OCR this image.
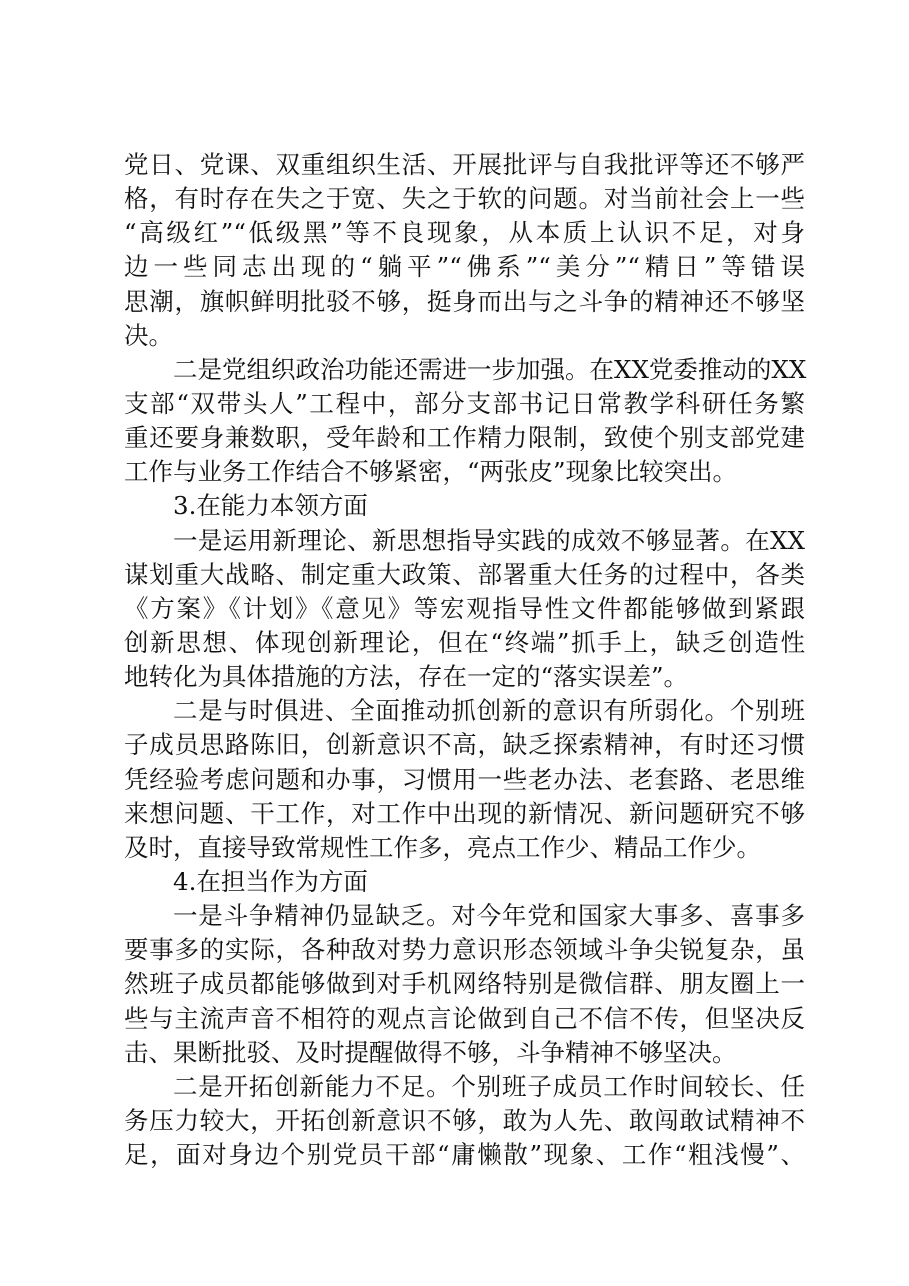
党日、党课、双重组织生活、开展批评与自我批评等还不够严
格，有时存在失之于宽、失之于软的问题。对当前社会上一些
“高级红”“低级黑”等不良现象，从本质上认识不足，对身
边一些同志出现的“躺平”“佛系”“美分”“精日”等错误
思潮，旗帜鲜明批驳不够，挺身而出与之斗争的精神还不够坚
决。
二是党组织政治功能还需进一步加强。在XX党委推动的XX
支部“双带头人”工程中，部分支部书记日常教学科研任务繁
重还要身兼数职，受年龄和工作精力限制，致使个别支部党建
工作与业务工作结合不够紧密，“两张皮”现象比较突出。
3.在能力本领方面
一是运用新理论、新思想指导实践的成效不够显著。在XX
谋划重大战略、制定重大政策、部署重大任务的过程中，各类
《方案》《计划》《意见》等宏观指导性文件都能够做到紧跟
创新思想、体现创新理论，但在“终端”抓手上，缺乏创造性
地转化为具体措施的方法，存在一定的“落实误差”。
二是与时俱进、全面推动抓创新的意识有所弱化。个别班
子成员思路陈旧，创新意识不高，缺乏探索精神，有时还习惯
凭经验考虑问题和办事，习惯用一些老办法、老套路、老思维
来想问题、干工作，对工作中出现的新情况、新问题研究不够
及时，直接导致常规性工作多，亮点工作少、精品工作少。
4.在担当作为方面
一是斗争精神仍显缺乏。对今年党和国家大事多、喜事多
要事多的实际，各种敌对势力意识形态领域斗争尖锐复杂，虽
然班子成员都能够做到对手机网络特别是微信群、朋友圈上一
些与主流声音不相符的观点言论做到自己不信不传，但坚决反
击、果断批驳、及时提醒做得不够，斗争精神不够坚决。
二是开拓创新能力不足。个别班子成员工作时间较长、任
务压力较大，开拓创新意识不够，敢为人先、敢闯敢试精神不
足，面对身边个别党员干部“庸懒散”现象、工作“粗浅慢”、
